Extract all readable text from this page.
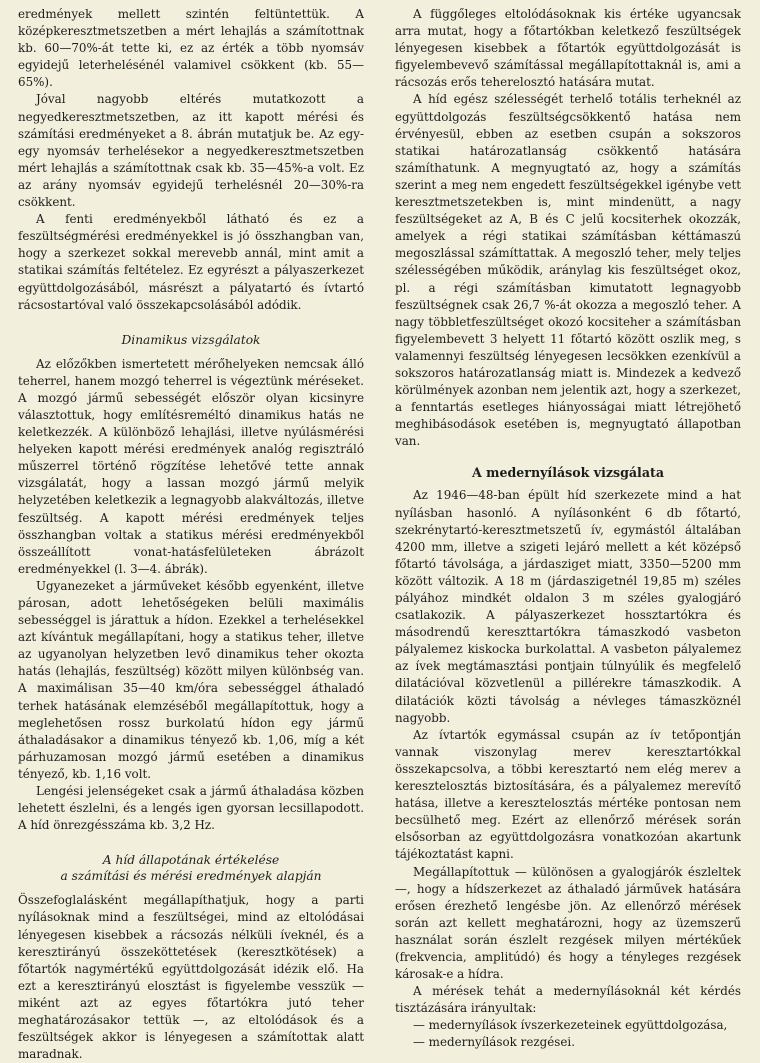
eredmények mellett szintén feltüntettük. A középkeresztmetszetben a mért lehajlás a számítottnak kb. 60—70%-át tette ki, ez az érték a több nyomsáv egyidejű leterhelésénél valamivel csökkent (kb. 55—65%).

Jóval nagyobb eltérés mutatkozott a negyedkeresztmetszetben, az itt kapott mérési és számítási eredményeket a 8. ábrán mutatjuk be. Az egy-egy nyomsáv terhelésekor a negyedkeresztmetszetben mért lehajlás a számítottnak csak kb. 35—45%-a volt. Ez az arány nyomsáv egyidejű terhelésnél 20—30%-ra csökkent.

A fenti eredményekből látható és ez a feszültségmérési eredményekkel is jó összhangban van, hogy a szerkezet sokkal merevebb annál, mint amit a statikai számítás feltételez. Ez egyrészt a pályaszerkezet együttdolgozásából, másrészt a pályatartó és ívtartó rácsostartóval való összekapcsolásából adódik.

Dinamikus vizsgálatok

Az előzőkben ismertetett mérőhelyeken nemcsak álló teherrel, hanem mozgó teherrel is végeztünk méréseket. A mozgó jármű sebességét először olyan kicsinyre választottuk, hogy említésreméltó dinamikus hatás ne keletkezzék. A különböző lehajlási, illetve nyúlásmérési helyeken kapott mérési eredmények analóg regisztráló műszerrel történő rögzítése lehetővé tette annak vizsgálatát, hogy a lassan mozgó jármű melyik helyzetében keletkezik a legnagyobb alakváltozás, illetve feszültség. A kapott mérési eredmények teljes összhangban voltak a statikus mérési eredményekből összeállított vonat-hatásfelületeken ábrázolt eredményekkel (l. 3—4. ábrák).

Ugyanezeket a járműveket később egyenként, illetve párosan, adott lehetőségeken belüli maximális sebességgel is járattuk a hídon. Ezekkel a terhelésekkel azt kívántuk megállapítani, hogy a statikus teher, illetve az ugyanolyan helyzetben levő dinamikus teher okozta hatás (lehajlás, feszültség) között milyen különbség van. A maximálisan 35—40 km/óra sebességgel áthaladó terhek hatásának elemzéséből megállapítottuk, hogy a meglehetősen rossz burkolatú hídon egy jármű áthaladásakor a dinamikus tényező kb. 1,06, míg a két párhuzamosan mozgó jármű esetében a dinamikus tényező, kb. 1,16 volt.

Lengési jelenségeket csak a jármű áthaladása közben lehetett észlelni, és a lengés igen gyorsan lecsillapodott. A híd önrezgésszáma kb. 3,2 Hz.

A híd állapotának értékelése
a számítási és mérési eredmények alapján

Összefoglalásként megállapíthatjuk, hogy a parti nyílásoknak mind a feszültségei, mind az eltolódásai lényegesen kisebbek a rácsozás nélküli íveknél, és a keresztirányú összeköttetések (keresztkötések) a főtartók nagymértékű együttdolgozását idézik elő. Ha ezt a keresztirányú elosztást is figyelembe vesszük — miként azt az egyes főtartókra jutó teher meghatározásakor tettük —, az eltolódások és a feszültségek akkor is lényegesen a számítottak alatt maradnak.

A függőleges eltolódásoknak kis értéke ugyancsak arra mutat, hogy a főtartókban keletkező feszültségek lényegesen kisebbek a főtartók együttdolgozását is figyelembevevő számítással megállapítottaknál is, ami a rácsozás erős teherelosztó hatására mutat.

A híd egész szélességét terhelő totális terheknél az együttdolgozás feszültségcsökkentő hatása nem érvényesül, ebben az esetben csupán a sokszoros statikai határozatlanság csökkentő hatására számíthatunk. A megnyugtató az, hogy a számítás szerint a meg nem engedett feszültségekkel igénybe vett keresztmetszetekben is, mint mindenütt, a nagy feszültségeket az A, B és C jelű kocsiterhek okozzák, amelyek a régi statikai számításban kéttámaszú megoszlással számíttattak. A megoszló teher, mely teljes szélességében működik, aránylag kis feszültséget okoz, pl. a régi számításban kimutatott legnagyobb feszültségnek csak 26,7 %-át okozza a megoszló teher. A nagy többletfeszültséget okozó kocsiteher a számításban figyelembevett 3 helyett 11 főtartó között oszlik meg, s valamennyi feszültség lényegesen lecsökken ezenkívül a sokszoros határozatlanság miatt is. Mindezek a kedvező körülmények azonban nem jelentik azt, hogy a szerkezet, a fenntartás esetleges hiányosságai miatt létrejöhető meghibásodások esetében is, megnyugtató állapotban van.

A medernyílások vizsgálata

Az 1946—48-ban épült híd szerkezete mind a hat nyílásban hasonló. A nyílásonként 6 db főtartó, szekrénytartó-keresztmetszetű ív, egymástól általában 4200 mm, illetve a szigeti lejáró mellett a két középső főtartó távolsága, a járdasziget miatt, 3350—5200 mm között változik. A 18 m (járdaszigetnél 19,85 m) széles pályához mindkét oldalon 3 m széles gyalogjáró csatlakozik. A pályaszerkezet hossztartókra és másodrendű kereszttartókra támaszkodó vasbeton pályalemez kiskocka burkolattal. A vasbeton pályalemez az ívek megtámasztási pontjain túlnyúlik és megfelelő dilatációval közvetlenül a pillérekre támaszkodik. A dilatációk közti távolság a névleges támaszköznél nagyobb.

Az ívtartók egymással csupán az ív tetőpontján vannak viszonylag merev keresztartókkal összekapcsolva, a többi keresztartó nem elég merev a keresztelosztás biztosítására, és a pályalemez merevítő hatása, illetve a keresztelosztás mértéke pontosan nem becsülhető meg. Ezért az ellenőrző mérések során elsősorban az együttdolgozásra vonatkozóan akartunk tájékoztatást kapni.

Megállapítottuk — különösen a gyalogjárók észleltek —, hogy a hídszerkezet az áthaladó járművek hatására erősen érezhető lengésbe jön. Az ellenőrző mérések során azt kellett meghatározni, hogy az üzemszerű használat során észlelt rezgések milyen mértékűek (frekvencia, amplitúdó) és hogy a tényleges rezgések károsak-e a hídra.

A mérések tehát a medernyílásoknál két kérdés tisztázására irányultak:

— medernyílások ívszerkezeteinek együttdolgozása,

— medernyílások rezgései.
